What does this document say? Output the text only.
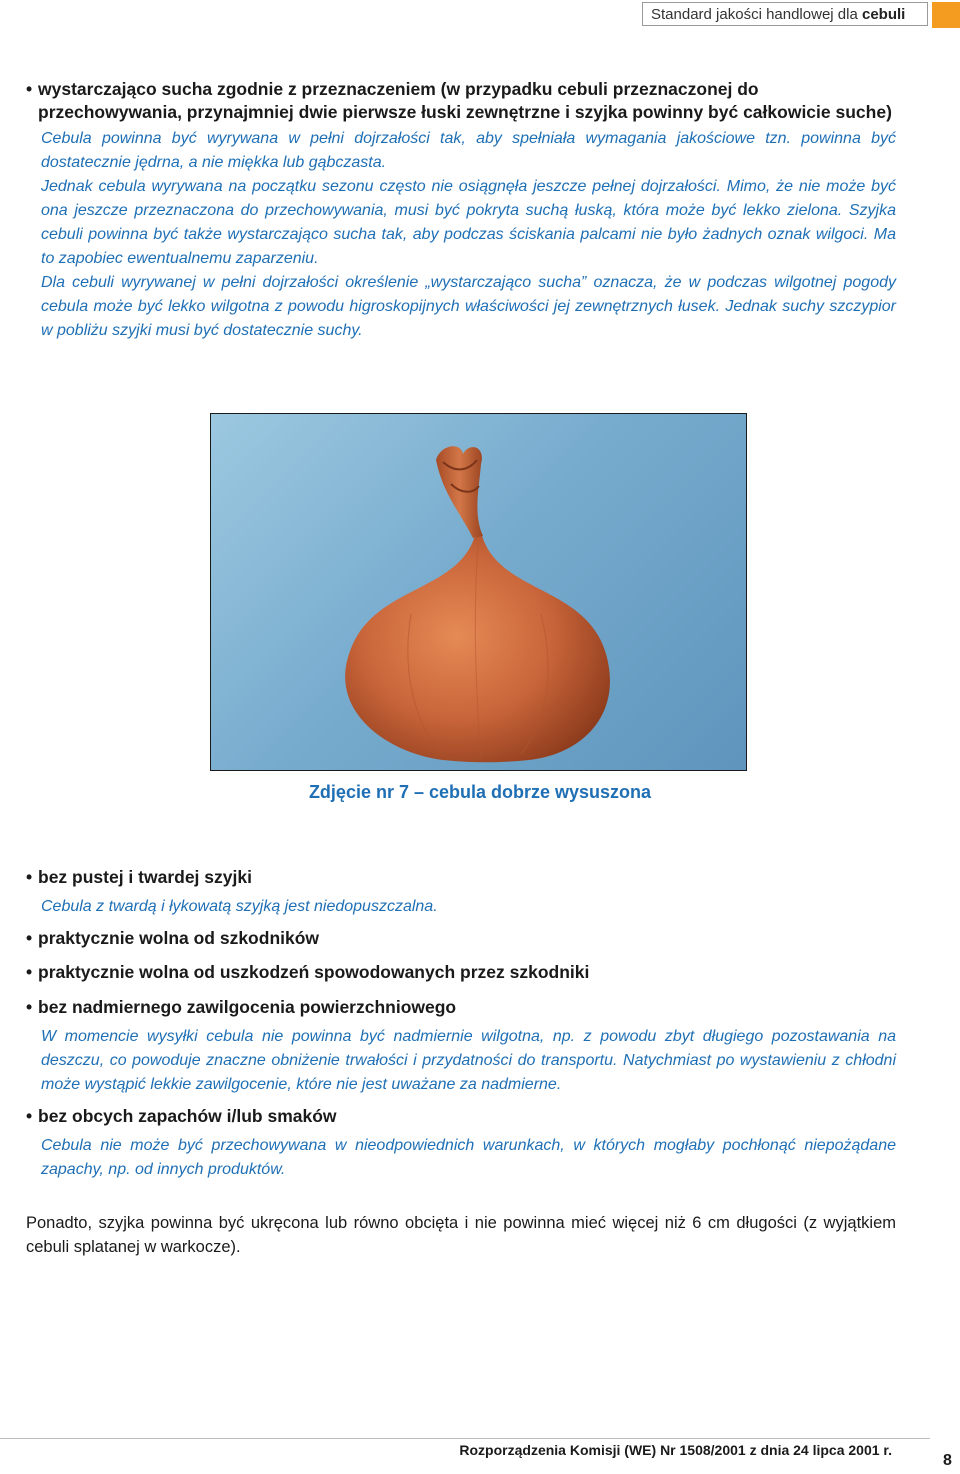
Standard jakości handlowej dla cebuli
• wystarczająco sucha zgodnie z przeznaczeniem (w przypadku cebuli przeznaczonej do przechowywania, przynajmniej dwie pierwsze łuski zewnętrzne i szyjka powinny być całkowicie suche)
Cebula powinna być wyrywana w pełni dojrzałości tak, aby spełniała wymagania jakościowe tzn. powinna być dostatecznie jędrna, a nie miękka lub gąbczasta.
Jednak cebula wyrywana na początku sezonu często nie osiągnęła jeszcze pełnej dojrzałości. Mimo, że nie może być ona jeszcze przeznaczona do przechowywania, musi być pokryta suchą łuską, która może być lekko zielona. Szyjka cebuli powinna być także wystarczająco sucha tak, aby podczas ściskania palcami nie było żadnych oznak wilgoci. Ma to zapobiec ewentualnemu zaparzeniu.
Dla cebuli wyrywanej w pełni dojrzałości określenie „wystarczająco sucha” oznacza, że w podczas wilgotnej pogody cebula może być lekko wilgotna z powodu higroskopijnych właściwości jej zewnętrznych łusek. Jednak suchy szczypior w pobliżu szyjki musi być dostatecznie suchy.
Zdjęcie nr 7 – cebula dobrze wysuszona
• bez pustej i twardej szyjki
Cebula z twardą i łykowatą szyjką jest niedopuszczalna.
• praktycznie wolna od szkodników
• praktycznie wolna od uszkodzeń spowodowanych przez szkodniki
• bez nadmiernego zawilgocenia powierzchniowego
W momencie wysyłki cebula nie powinna być nadmiernie wilgotna, np. z powodu zbyt długiego pozostawania na deszczu, co powoduje znaczne obniżenie trwałości i przydatności do transportu. Natychmiast po wystawieniu z chłodni może wystąpić lekkie zawilgocenie, które nie jest uważane za nadmierne.
• bez obcych zapachów i/lub smaków
Cebula nie może być przechowywana w nieodpowiednich warunkach, w których mogłaby pochłonąć niepożądane zapachy, np. od innych produktów.
Ponadto, szyjka powinna być ukręcona lub równo obcięta i nie powinna mieć więcej niż 6 cm długości (z wyjątkiem cebuli splatanej w warkocze).
Rozporządzenia Komisji (WE) Nr 1508/2001 z dnia 24 lipca 2001 r.
8
